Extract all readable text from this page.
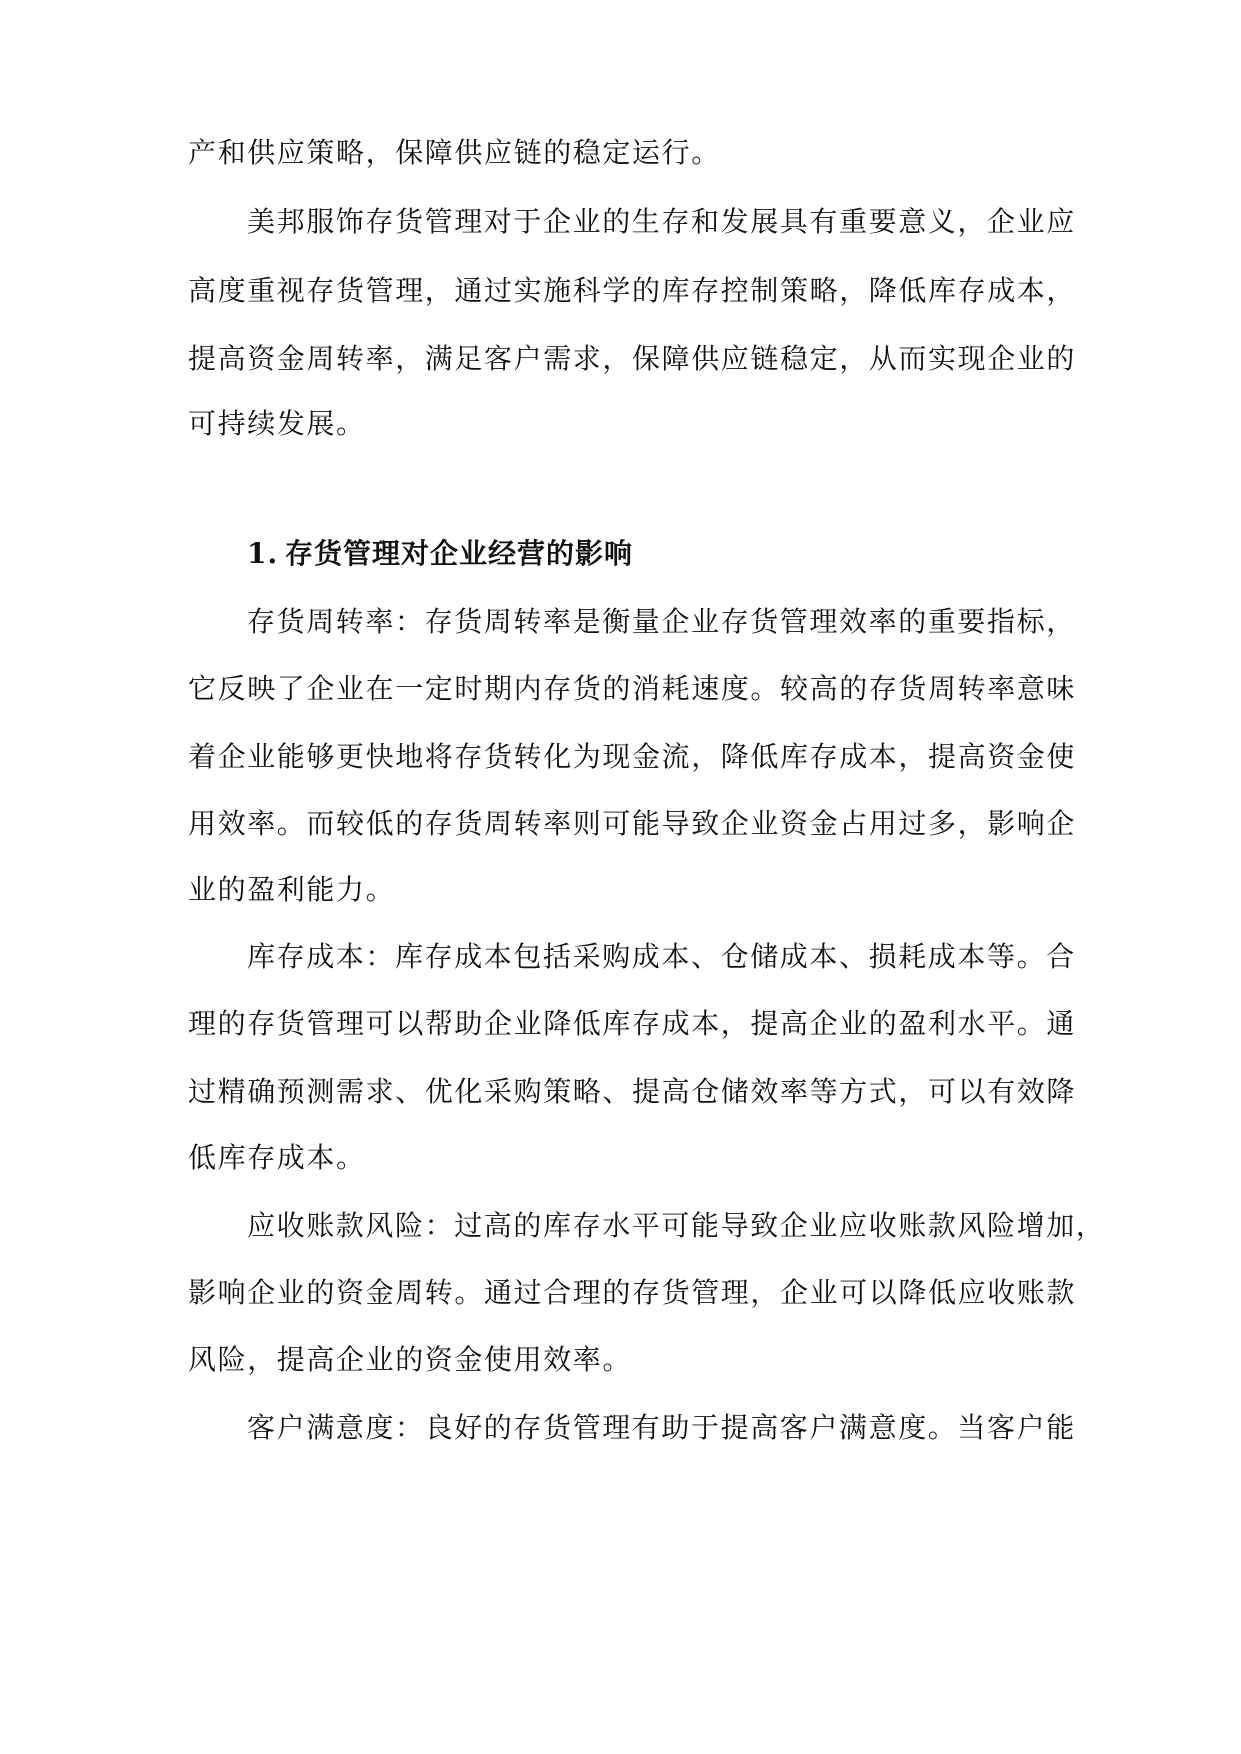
产和供应策略，保障供应链的稳定运行。
美邦服饰存货管理对于企业的生存和发展具有重要意义，企业应
高度重视存货管理，通过实施科学的库存控制策略，降低库存成本，
提高资金周转率，满足客户需求，保障供应链稳定，从而实现企业的
可持续发展。
1. 存货管理对企业经营的影响
存货周转率：存货周转率是衡量企业存货管理效率的重要指标，
它反映了企业在一定时期内存货的消耗速度。较高的存货周转率意味
着企业能够更快地将存货转化为现金流，降低库存成本，提高资金使
用效率。而较低的存货周转率则可能导致企业资金占用过多，影响企
业的盈利能力。
库存成本：库存成本包括采购成本、仓储成本、损耗成本等。合
理的存货管理可以帮助企业降低库存成本，提高企业的盈利水平。通
过精确预测需求、优化采购策略、提高仓储效率等方式，可以有效降
低库存成本。
应收账款风险：过高的库存水平可能导致企业应收账款风险增加，
影响企业的资金周转。通过合理的存货管理，企业可以降低应收账款
风险，提高企业的资金使用效率。
客户满意度：良好的存货管理有助于提高客户满意度。当客户能
